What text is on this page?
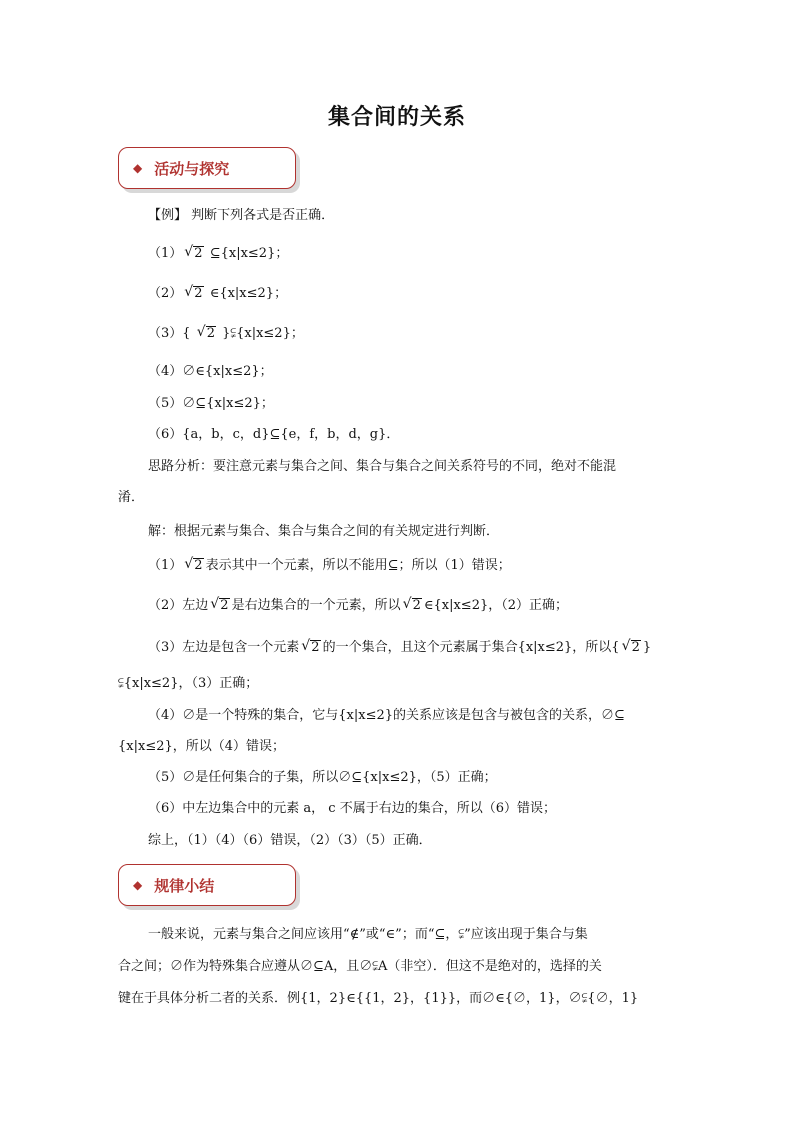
集合间的关系
◆ 活动与探究
【例】 判断下列各式是否正确．
（1） √ 2 ⊆{x|x≤2}；
（2） √ 2 ∈{x|x≤2}；
（3）{ √ 2 }⫋{x|x≤2}；
（4）∅∈{x|x≤2}；
（5）∅⊆{x|x≤2}；
（6）{a，b，c，d}⊆{e，f，b，d，g}．
思路分析：要注意元素与集合之间、集合与集合之间关系符号的不同，绝对不能混
淆．
解：根据元素与集合、集合与集合之间的有关规定进行判断．
（1） √ 2 表示其中一个元素，所以不能用⊆；所以（1）错误；
（2）左边 √ 2 是右边集合的一个元素，所以 √ 2 ∈{x|x≤2}，（2）正确；
（3）左边是包含一个元素 √ 2 的一个集合，且这个元素属于集合{x|x≤2}，所以{ √ 2 }
⫋{x|x≤2}，（3）正确；
（4）∅是一个特殊的集合，它与{x|x≤2}的关系应该是包含与被包含的关系，∅⊆
{x|x≤2}，所以（4）错误；
（5）∅是任何集合的子集，所以∅⊆{x|x≤2}，（5）正确；
（6）中左边集合中的元素 a， c 不属于右边的集合，所以（6）错误；
综上，（1）（4）（6）错误，（2）（3）（5）正确．
◆ 规律小结
一般来说，元素与集合之间应该用“∉”或“∈”；而“⊆，⫋”应该出现于集合与集
合之间；∅作为特殊集合应遵从∅⊆A，且∅⫋A（非空）．但这不是绝对的，选择的关
键在于具体分析二者的关系．例{1，2}∈{{1，2}，{1}}，而∅∈{∅，1}，∅⫋{∅，1}
